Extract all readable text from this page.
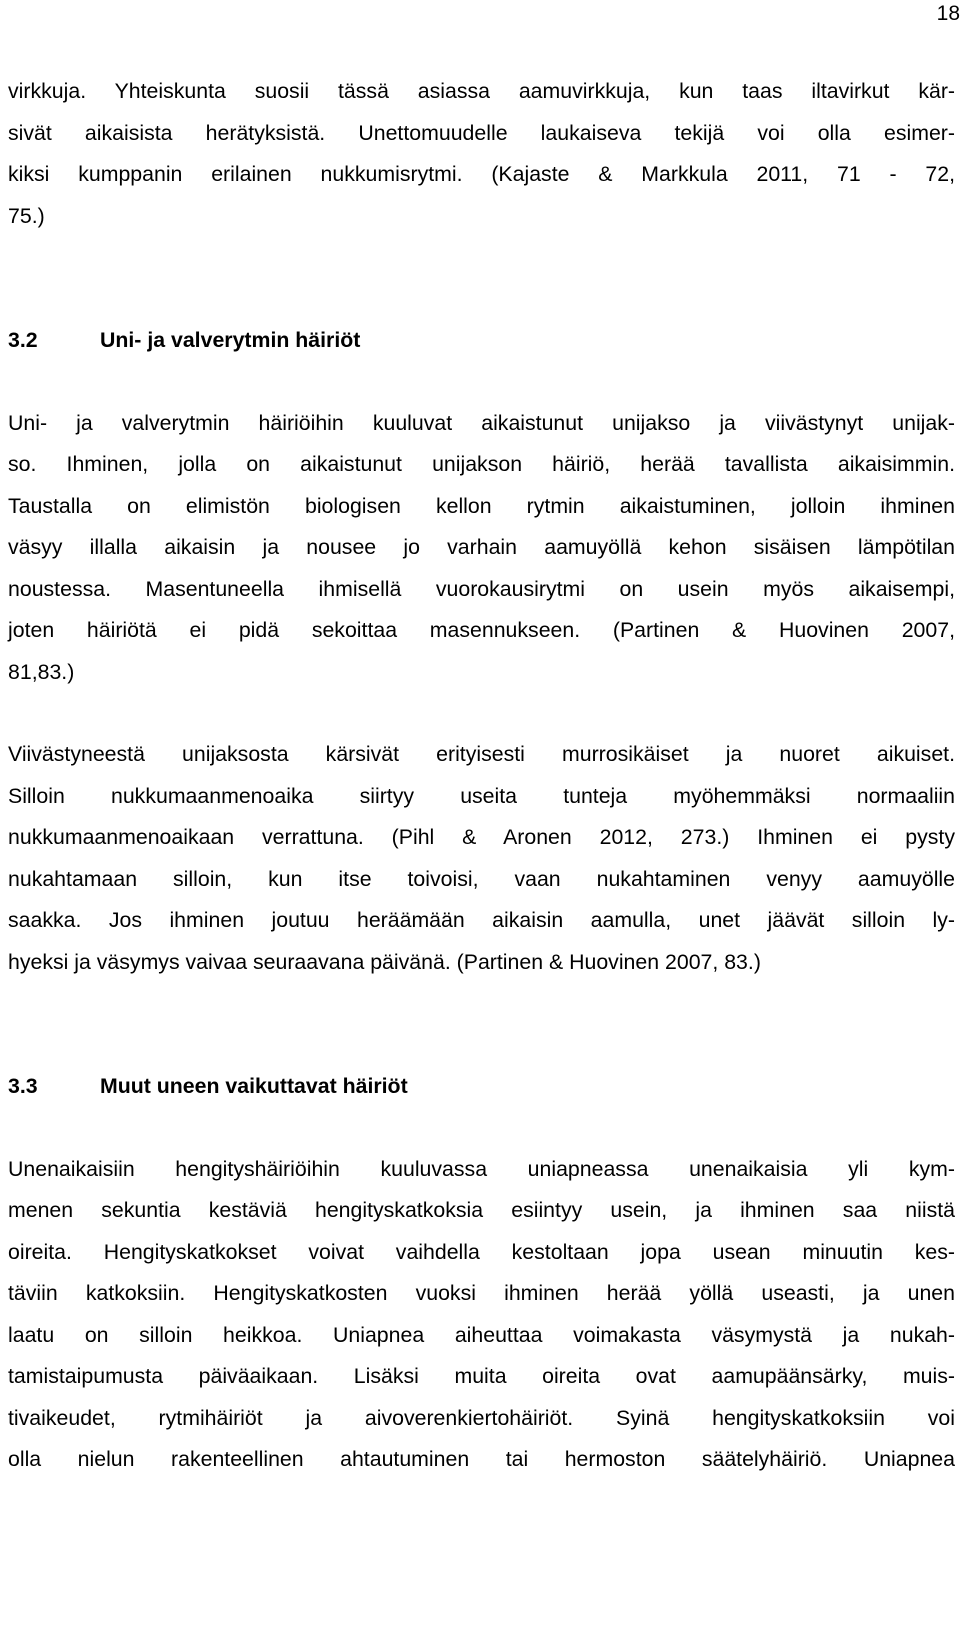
18

virkkuja. Yhteiskunta suosii tässä asiassa aamuvirkkuja, kun taas iltavirkut kär-
sivät aikaisista herätyksistä. Unettomuudelle laukaiseva tekijä voi olla esimer-
kiksi kumppanin erilainen nukkumisrytmi. (Kajaste & Markkula 2011, 71 - 72,
75.)

3.2	Uni- ja valverytmin häiriöt

Uni- ja valverytmin häiriöihin kuuluvat aikaistunut unijakso ja viivästynyt unijak-
so. Ihminen, jolla on aikaistunut unijakson häiriö, herää tavallista aikaisimmin.
Taustalla on elimistön biologisen kellon rytmin aikaistuminen, jolloin ihminen
väsyy illalla aikaisin ja nousee jo varhain aamuyöllä kehon sisäisen lämpötilan
noustessa. Masentuneella ihmisellä vuorokausirytmi on usein myös aikaisempi,
joten häiriötä ei pidä sekoittaa masennukseen. (Partinen & Huovinen 2007,
81,83.)

Viivästyneestä unijaksosta kärsivät erityisesti murrosikäiset ja nuoret aikuiset.
Silloin nukkumaanmenoaika siirtyy useita tunteja myöhemmäksi normaaliin
nukkumaanmenoaikaan verrattuna. (Pihl & Aronen 2012, 273.) Ihminen ei pysty
nukahtamaan silloin, kun itse toivoisi, vaan nukahtaminen venyy aamuyölle
saakka. Jos ihminen joutuu heräämään aikaisin aamulla, unet jäävät silloin ly-
hyeksi ja väsymys vaivaa seuraavana päivänä. (Partinen & Huovinen 2007, 83.)

3.3	Muut uneen vaikuttavat häiriöt

Unenaikaisiin hengityshäiriöihin kuuluvassa uniapneassa unenaikaisia yli kym-
menen sekuntia kestäviä hengityskatkoksia esiintyy usein, ja ihminen saa niistä
oireita. Hengityskatkokset voivat vaihdella kestoltaan jopa usean minuutin kes-
täviin katkoksiin. Hengityskatkosten vuoksi ihminen herää yöllä useasti, ja unen
laatu on silloin heikkoa. Uniapnea aiheuttaa voimakasta väsymystä ja nukah-
tamistaipumusta päiväaikaan. Lisäksi muita oireita ovat aamupäänsärky, muis-
tivaikeudet, rytmihäiriöt ja aivoverenkiertohäiriöt. Syinä hengityskatkoksiin voi
olla nielun rakenteellinen ahtautuminen tai hermoston säätelyhäiriö. Uniapnea
